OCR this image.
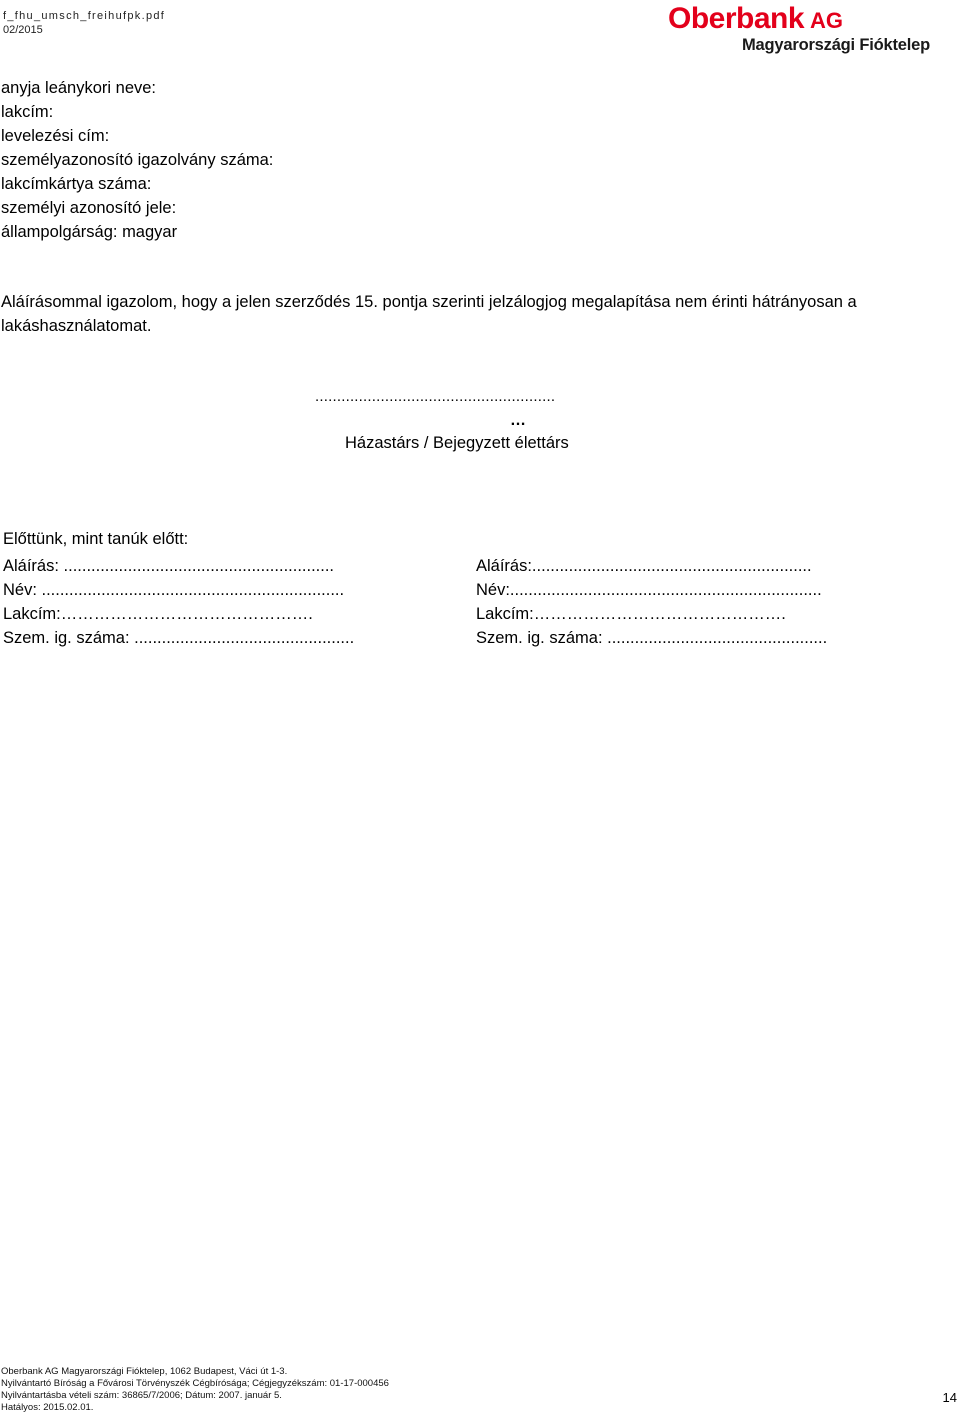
f_fhu_umsch_freihufpk.pdf
02/2015	Oberbank AG
Magyarországi Fióktelep
anyja leánykori neve:
lakcím:
levelezési cím:
személyazonosító igazolvány száma:
lakcímkártya száma:
személyi azonosító jele:
állampolgárság: magyar
Aláírásommal igazolom, hogy a jelen szerződés 15. pontja szerinti jelzálogjog megalapítása nem érinti hátrányosan a lakáshasználatomat.
.......................................................
…
Házastárs / Bejegyzett élettárs
Előttünk, mint tanúk előtt:
Aláírás: ...........................................................
Név: ..................................................................
Lakcím:……………………………………….
Szem. ig. száma: ................................................
Aláírás:.............................................................
Név:....................................................................
Lakcím:……………………………………….
Szem. ig. száma: ................................................
Oberbank AG Magyarországi Fióktelep, 1062 Budapest, Váci út 1-3.
Nyilvántartó Bíróság a Fővárosi Törvényszék Cégbírósága; Cégjegyzékszám: 01-17-000456
Nyilvántartásba vételi szám: 36865/7/2006; Dátum: 2007. január 5.
Hatályos: 2015.02.01.
14
